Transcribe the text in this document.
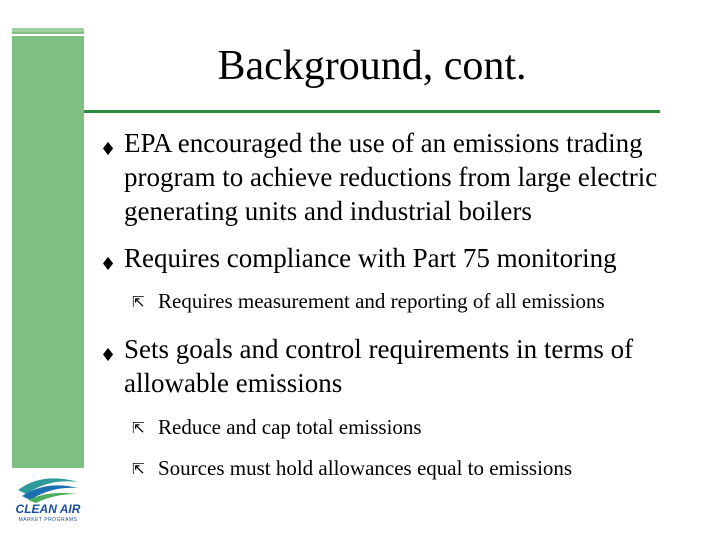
Background, cont.
♦ EPA encouraged the use of an emissions trading
program to achieve reductions from large electric
generating units and industrial boilers
♦ Requires compliance with Part 75 monitoring
⇱ Requires measurement and reporting of all emissions
♦ Sets goals and control requirements in terms of
allowable emissions
⇱ Reduce and cap total emissions
⇱ Sources must hold allowances equal to emissions
CLEAN AIR
MARKET PROGRAMS
